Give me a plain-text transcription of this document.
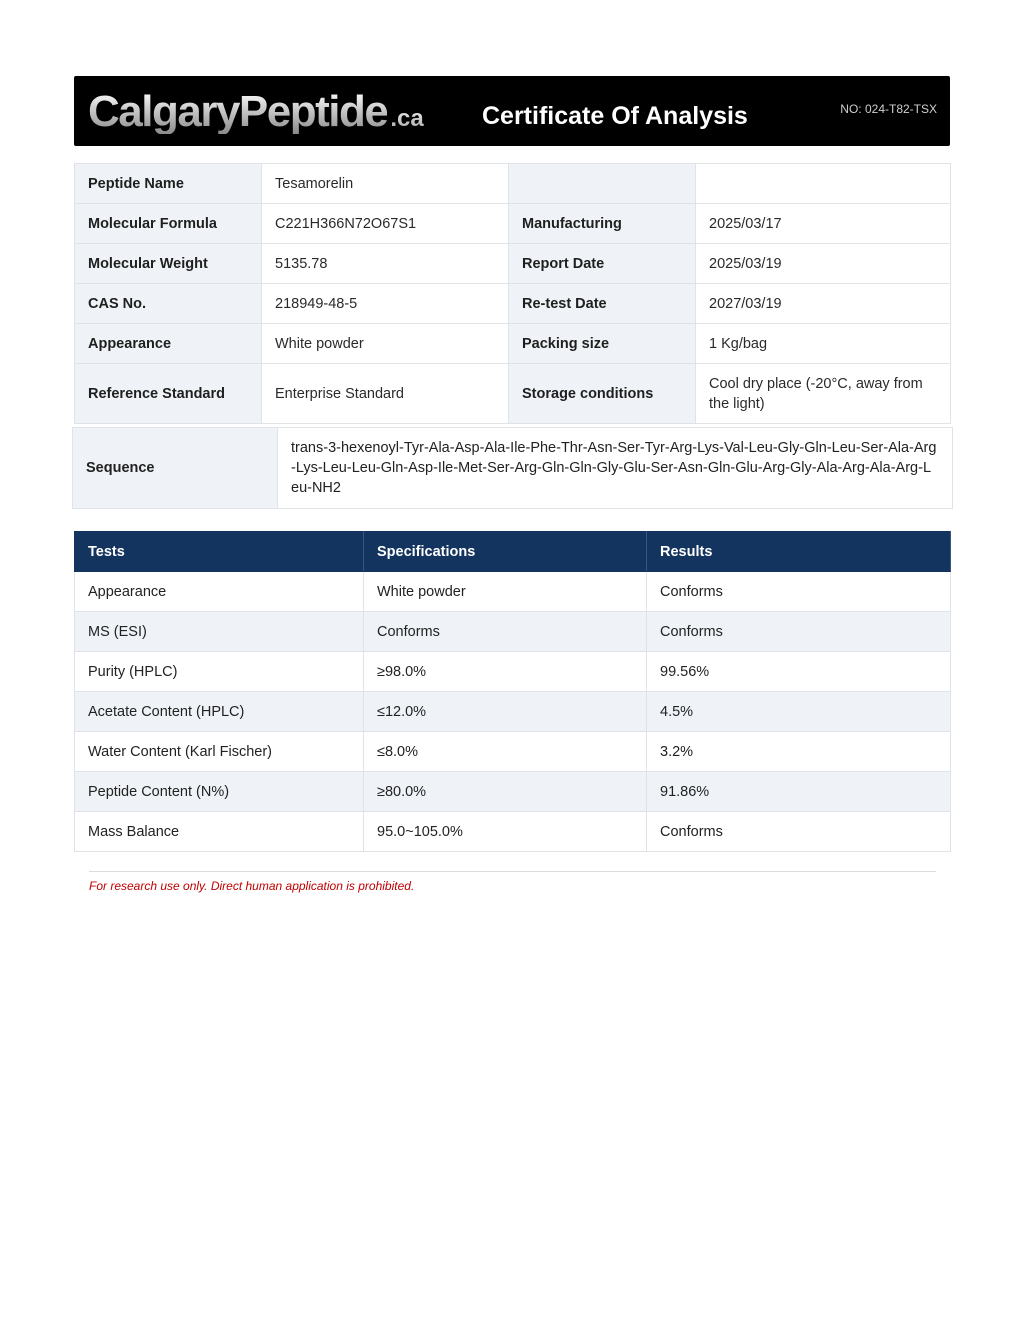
CalgaryPeptide .ca Certificate Of Analysis	NO: 024-T82-TSX
Peptide Name	Tesamorelin		
Molecular Formula	C221H366N72O67S1	Manufacturing	2025/03/17
Molecular Weight	5135.78	Report Date	2025/03/19
CAS No.	218949-48-5	Re-test Date	2027/03/19
Appearance	White powder	Packing size	1 Kg/bag
Reference Standard	Enterprise Standard	Storage conditions	Cool dry place (-20°C, away from the light)
Sequence	trans-3-hexenoyl-Tyr-Ala-Asp-Ala-Ile-Phe-Thr-Asn-Ser-Tyr-Arg-Lys-Val-Leu-Gly-Gln-Leu-Ser-Ala-Arg-Lys-Leu-Leu-Gln-Asp-Ile-Met-Ser-Arg-Gln-Gln-Gly-Glu-Ser-Asn-Gln-Glu-Arg-Gly-Ala-Arg-Ala-Arg-Leu-NH2
Tests	Specifications	Results
Appearance	White powder	Conforms
MS (ESI)	Conforms	Conforms
Purity (HPLC)	≥98.0%	99.56%
Acetate Content (HPLC)	≤12.0%	4.5%
Water Content (Karl Fischer)	≤8.0%	3.2%
Peptide Content (N%)	≥80.0%	91.86%
Mass Balance	95.0~105.0%	Conforms
For research use only. Direct human application is prohibited.
